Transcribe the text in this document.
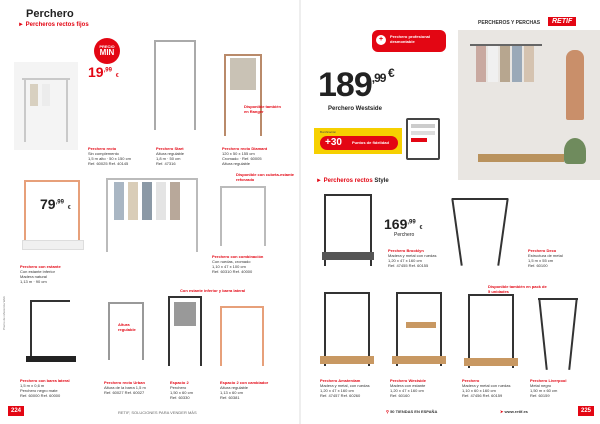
Perchero
► Percheros rectos fijos
PRECIO
MIN
$19^{,99}$ €
Disponible también en Ranger
Perchero recto
Sin complemento
1,5 m alto · 50 x 150 cm
Ref. 60025 Ref. 40145
Perchero Start
Altura regulable
1,8 m · 50 cm
Ref. 47316
Perchero recto Diamant
120 x 50 x 155 cm
Cromado · Ref. 60005
Altura regulable
$79^{,99}$ €
Disponible con cubeta-estante reforzado
Perchero con estante
Con estante inferior
Madera natural
1,13 m · 90 cm
Perchero con combinación
Con ruedas, cromado
1,10 x 47 x 100 cm
Ref. 60310 Ref. 40000
Altura regulable
Con estante inferior y barra lateral
Perchero con barra lateral
1,5 m x 0,6 m
Perchero negro mate
Ref. 60000 Ref. 60000
Perchero recto Urban
Altura de la barra 1,5 m
Ref. 60027 Ref. 60027
Espacio 2
Perchero
1,50 x 60 cm
Ref. 60330
Espacio 2 con cambiador
Altura regulable
1,13 x 60 cm
Ref. 60381
Precio de referencia Web
224	RETIF, SOLUCIONES PARA VENDER MÁS
+	Perchero profesional desmontable
PERCHEROS Y PERCHAS	RETIF
$189^{,99}$ €
Perchero Westside
Bonificación
+30	Puntos de fidelidad
► Percheros rectos Style
$169^{,99}$ €
Perchero
Perchero Brooklyn
Madera y metal con ruedas
1,20 x 47 x 160 cm
Ref. 47455 Ref. 60155
Perchero Deco
Estructura de metal
1,5 m x 55 cm
Ref. 60100
Disponible también en pack de 5 unidades
Perchero Amsterdam
Madera y metal, con ruedas
1,20 x 47 x 160 cm
Ref. 47457 Ref. 60260
Perchero Westside
Madera con estante
1,20 x 47 x 160 cm
Ref. 60160
Perchero
Madera y metal con ruedas
1,10 x 60 x 160 cm
Ref. 47456 Ref. 60159
Perchero Liverpool
Metal negro
1,50 m x 60 cm
Ref. 60159
⚲ 50 TIENDAS EN ESPAÑA	➤ www.retif.es	225
